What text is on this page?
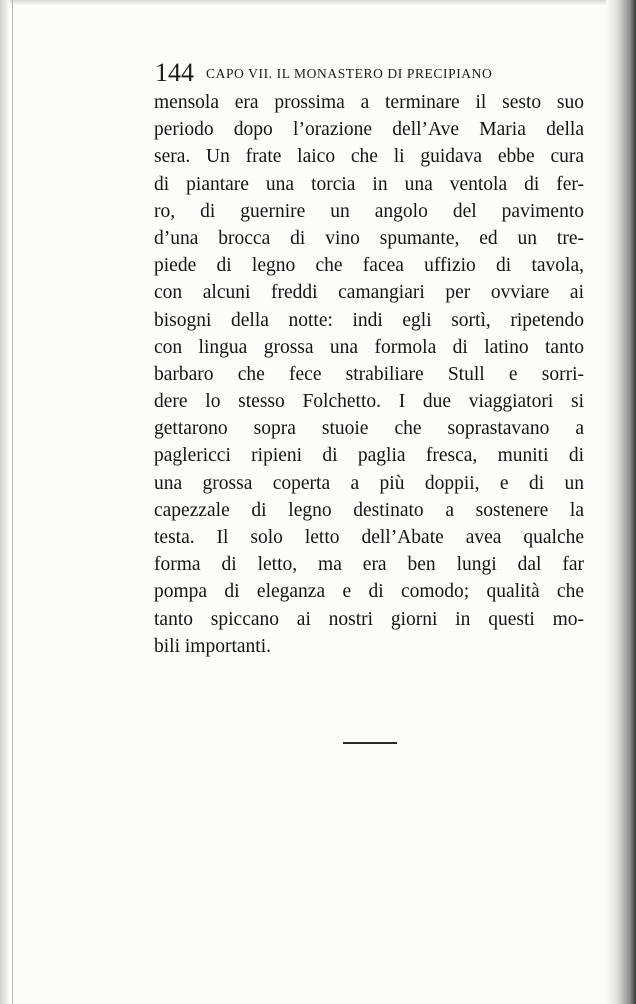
144 CAPO VII. IL MONASTERO DI PRECIPIANO
mensola era prossima a terminare il sesto suo
periodo dopo l’orazione dell’Ave Maria della
sera. Un frate laico che li guidava ebbe cura
di piantare una torcia in una ventola di fer-
ro, di guernire un angolo del pavimento
d’una brocca di vino spumante, ed un tre-
piede di legno che facea uffizio di tavola,
con alcuni freddi camangiari per ovviare ai
bisogni della notte: indi egli sortì, ripetendo
con lingua grossa una formola di latino tanto
barbaro che fece strabiliare Stull e sorri-
dere lo stesso Folchetto. I due viaggiatori si
gettarono sopra stuoie che soprastavano a
paglericci ripieni di paglia fresca, muniti di
una grossa coperta a più doppii, e di un
capezzale di legno destinato a sostenere la
testa. Il solo letto dell’Abate avea qualche
forma di letto, ma era ben lungi dal far
pompa di eleganza e di comodo; qualità che
tanto spiccano ai nostri giorni in questi mo-
bili importanti.
